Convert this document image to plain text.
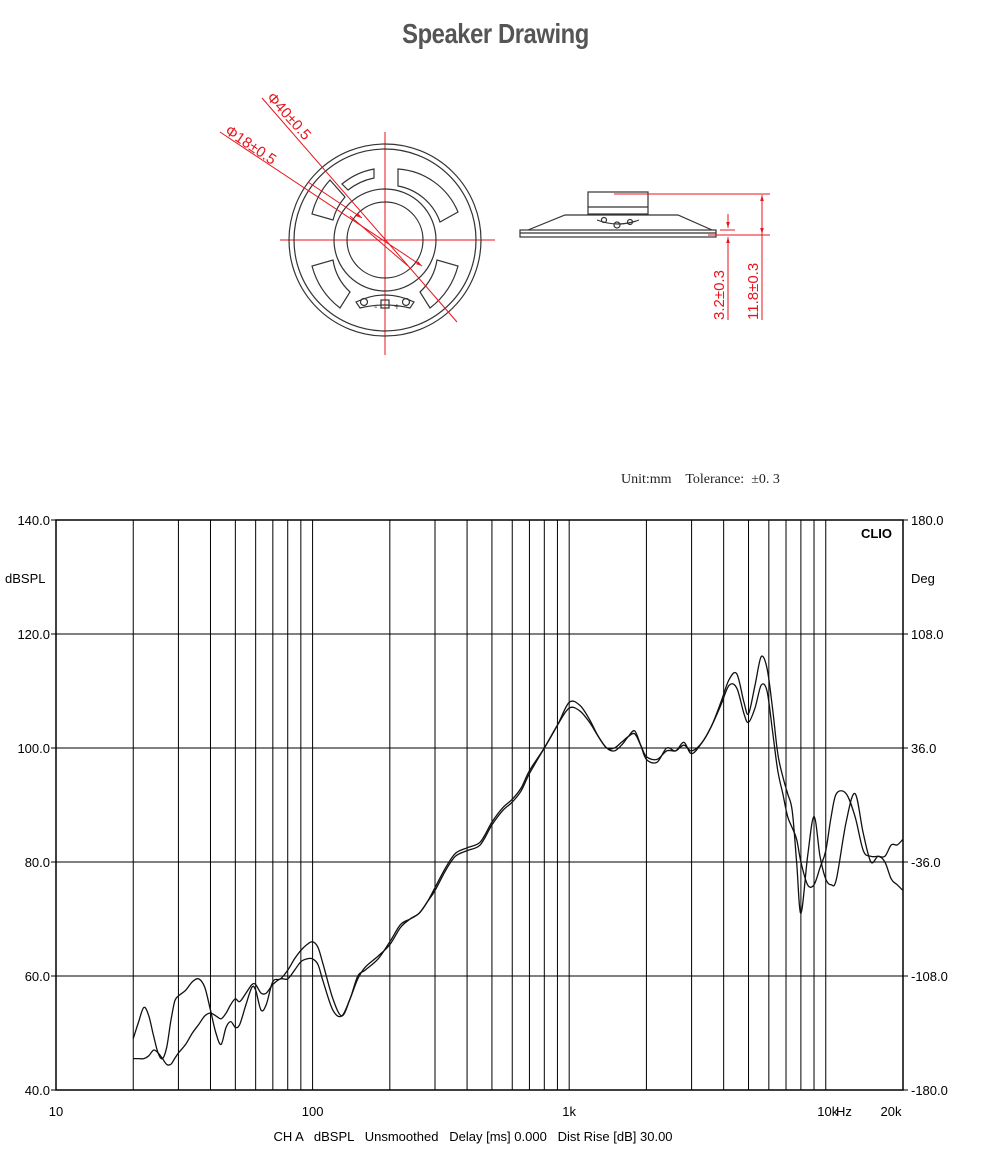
Speaker Drawing
- +
Φ40±0.5
Φ18±0.5
3.2±0.3 11.8±0.3
Unit:mm Tolerance: ±0. 3
CLIO
40.0
60.0
80.0
100.0
120.0
140.0
-180.0
-108.0
-36.0
36.0
108.0
180.0
10	100	1k	10k	20k
dBSPL	Deg
Hz
CH A   dBSPL   Unsmoothed   Delay [ms] 0.000   Dist Rise [dB] 30.00
